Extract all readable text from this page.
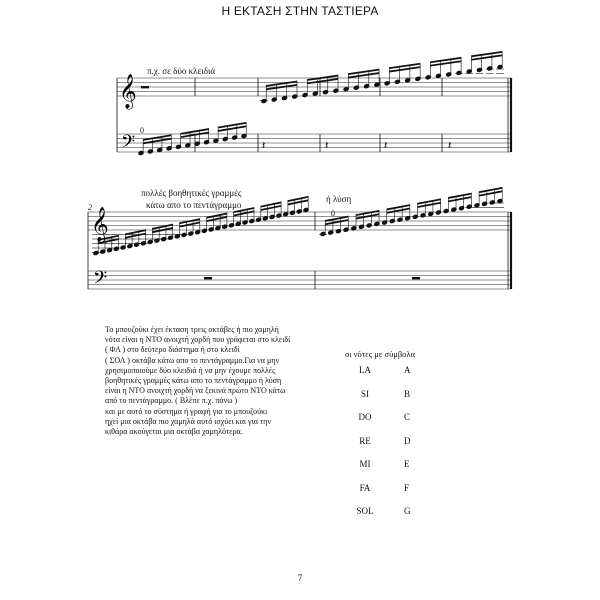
Η ΕΚΤΑΣΗ ΣΤΗΝ ΤΑΣΤΙΕΡΑ
𝄞
𝄢
𝄞
𝄢
𝄽	𝄽	𝄽	𝄽
π.χ. σε δύο κλειδιά
0
2
πολλές βοηθητικές γραμμές
κάτω απο το πεντάγραμμο
ή λύση
0
Το μπουζούκι έχει έκταση τρεις οκτάβες ή πιο χαμηλή
νότα είναι η ΝΤΟ ανοιχτή χορδή που γράφεται στο κλειδί
( ΦΑ ) στο δεύτερο διάστημα ή στο κλειδί
( ΣΟΛ ) οκτάβα κάτω απο το πεντάγραμμο.Για να μην
χρησιμοποιούμε δύο κλειδιά ή να μην έχουμε πολλές
βοηθητικές γραμμές κάτω απο το πεντάγραμμο ή λύση
είναι η ΝΤΟ ανοιχτή χορδή να ξεκινά πρώτο ΝΤΟ κάτω
από το πεντάγραμμο. ( Βλέπε π.χ. πάνω )
και με αυτό το σύστημα ή γραφή για το μπουζούκι
ηχεί μια οκτάβα πιο χαμηλά αυτό ισχύει και για την
κιθάρα ακούγεται μια οκτάβα χαμηλότερα.
οι νότες με σύμβολα
LA	A
SI	B
DO	C
RE	D
MI	E
FA	F
SOL	G
7
